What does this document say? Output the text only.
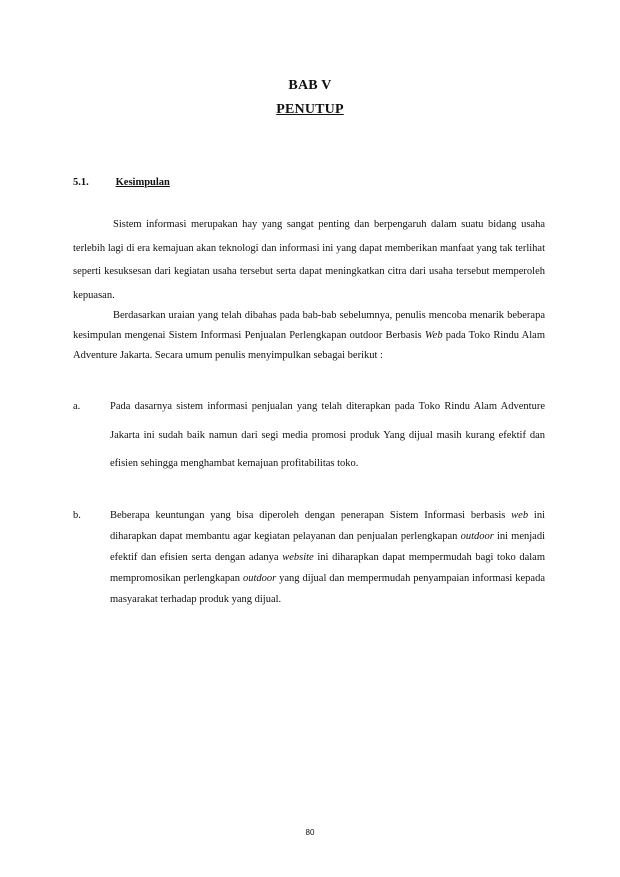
BAB V
PENUTUP
5.1.	Kesimpulan
Sistem informasi merupakan hay yang sangat penting dan berpengaruh dalam suatu bidang usaha terlebih lagi di era kemajuan akan teknologi dan informasi ini yang dapat memberikan manfaat yang tak terlihat seperti kesuksesan dari kegiatan usaha tersebut serta dapat meningkatkan citra dari usaha tersebut memperoleh kepuasan.
Berdasarkan uraian yang telah dibahas pada bab-bab sebelumnya, penulis mencoba menarik beberapa kesimpulan mengenai Sistem Informasi Penjualan Perlengkapan outdoor Berbasis Web pada Toko Rindu Alam Adventure Jakarta. Secara umum penulis menyimpulkan sebagai berikut :
a.	Pada dasarnya sistem informasi penjualan yang telah diterapkan pada Toko Rindu Alam Adventure Jakarta ini sudah baik namun dari segi media promosi produk Yang dijual masih kurang efektif dan efisien sehingga menghambat kemajuan profitabilitas toko.
b.	Beberapa keuntungan yang bisa diperoleh dengan penerapan Sistem Informasi berbasis web ini diharapkan dapat membantu agar kegiatan pelayanan dan penjualan perlengkapan outdoor ini menjadi efektif dan efisien serta dengan adanya website ini diharapkan dapat mempermudah bagi toko dalam mempromosikan perlengkapan outdoor yang dijual dan mempermudah penyampaian informasi kepada masyarakat terhadap produk yang dijual.
80
